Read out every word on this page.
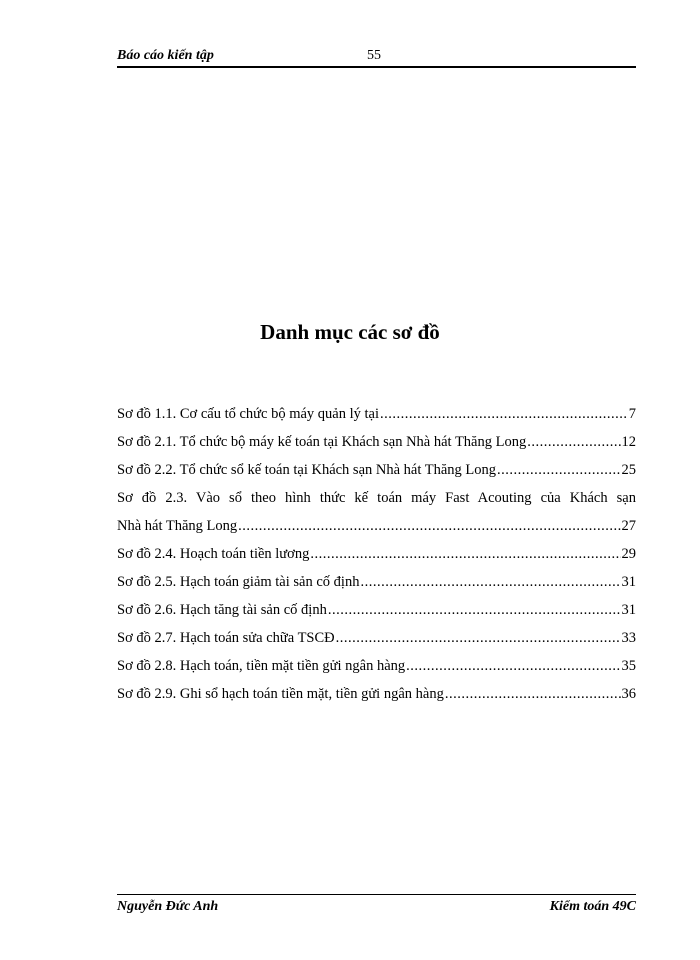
Báo cáo kiến tập	55
Danh mục các sơ đồ
Sơ đồ 1.1. Cơ cấu tổ chức bộ máy quản lý tại .....	7
Sơ đồ 2.1. Tổ chức bộ máy kế toán tại Khách sạn Nhà hát Thăng Long .....	12
Sơ đồ 2.2. Tổ chức sổ kế toán tại Khách sạn Nhà hát Thăng Long .....	25
Sơ đồ 2.3. Vào sổ theo hình thức kế toán máy Fast Acouting của Khách sạn
Nhà hát Thăng Long .....	27
Sơ đồ 2.4. Hoạch toán tiền lương .....	29
Sơ đồ 2.5. Hạch toán giảm tài sản cố định .....	31
Sơ đồ 2.6. Hạch tăng tài sản cố định .....	31
Sơ đồ 2.7. Hạch toán sửa chữa TSCĐ .....	33
Sơ đồ 2.8. Hạch toán, tiền mặt tiền gửi ngân hàng .....	35
Sơ đồ 2.9. Ghi sổ hạch toán tiền mặt, tiền gửi ngân hàng .....	36
Nguyễn Đức Anh	Kiểm toán 49C
